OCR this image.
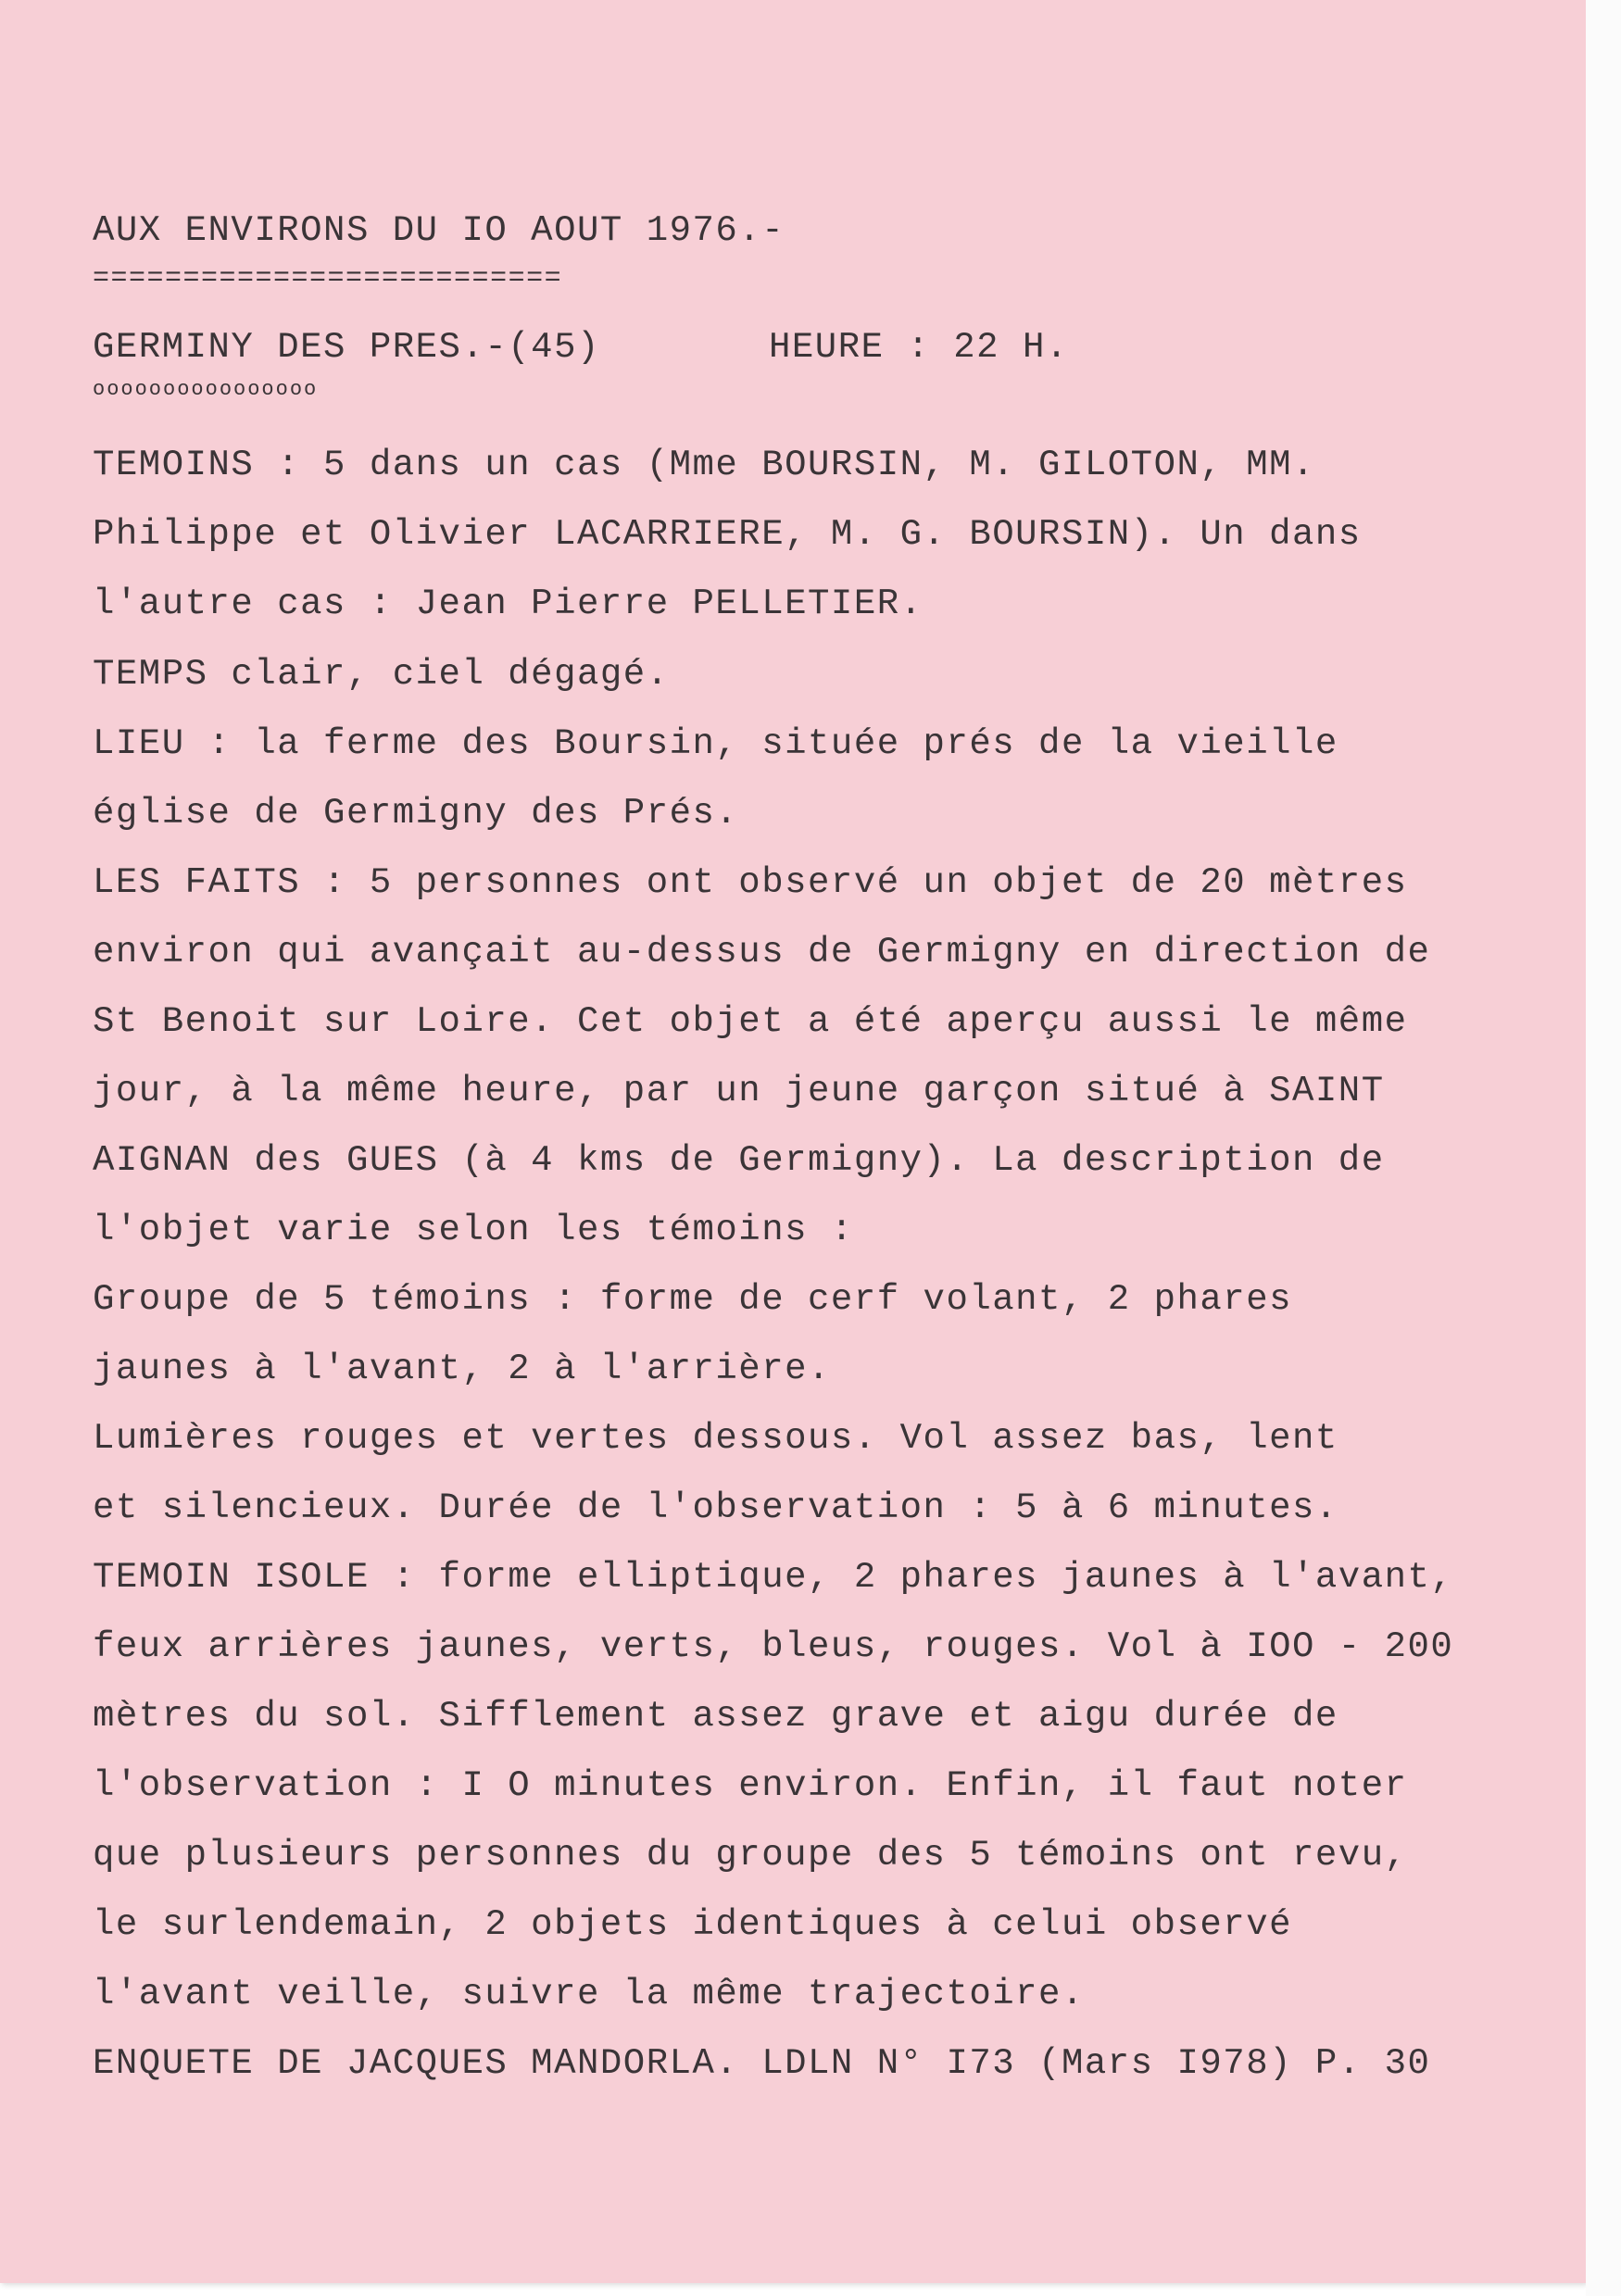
AUX ENVIRONS DU IO AOUT 1976.-
==========================
GERMINY DES PRES.-(45)	HEURE : 22 H.
oooooooooooooooo
TEMOINS : 5 dans un cas (Mme BOURSIN, M. GILOTON, MM.
Philippe et Olivier LACARRIERE, M. G. BOURSIN). Un dans
l'autre cas : Jean Pierre PELLETIER.
TEMPS clair, ciel dégagé.
LIEU : la ferme des Boursin, située prés de la vieille
église de Germigny des Prés.
LES FAITS : 5 personnes ont observé un objet de 20 mètres
environ qui avançait au-dessus de Germigny en direction de
St Benoit sur Loire. Cet objet a été aperçu aussi le même
jour, à la même heure, par un jeune garçon situé à SAINT
AIGNAN des GUES (à 4 kms de Germigny). La description de
l'objet varie selon les témoins :
Groupe de 5 témoins : forme de cerf volant, 2 phares
jaunes à l'avant, 2 à l'arrière.
Lumières rouges et vertes dessous. Vol assez bas, lent
et silencieux. Durée de l'observation : 5 à 6 minutes.
TEMOIN ISOLE : forme elliptique, 2 phares jaunes à l'avant,
feux arrières jaunes, verts, bleus, rouges. Vol à IOO - 200
mètres du sol. Sifflement assez grave et aigu durée de
l'observation : I O minutes environ. Enfin, il faut noter
que plusieurs personnes du groupe des 5 témoins ont revu,
le surlendemain, 2 objets identiques à celui observé
l'avant veille, suivre la même trajectoire.
ENQUETE DE JACQUES MANDORLA. LDLN N° I73 (Mars I978) P. 30
